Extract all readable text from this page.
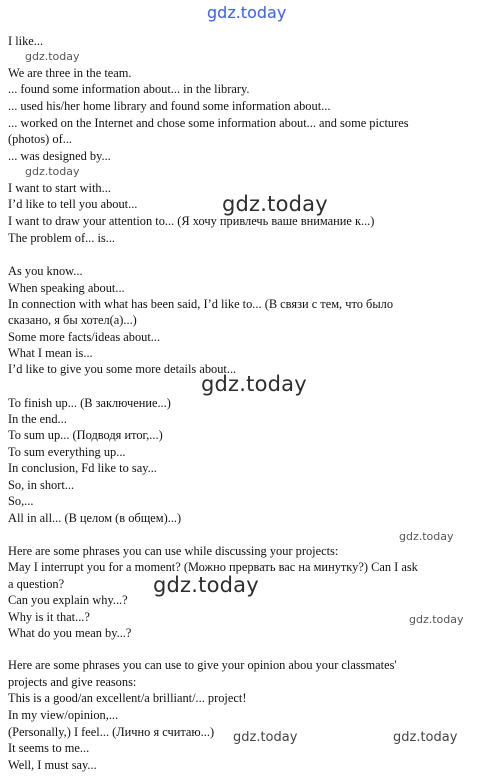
gdz.today
I like...
gdz.today
We are three in the team.
... found some information about... in the library.
... used his/her home library and found some information about...
... worked on the Internet and chose some information about... and some pictures
(photos) of...
... was designed by...
gdz.today
I want to start with...
I’d like to tell you about...	gdz.today
I want to draw your attention to... (Я хочу привлечь ваше внимание к...)
The problem of... is...
As you know...
When speaking about...
In connection with what has been said, I’d like to... (В связи с тем, что было
сказано, я бы хотел(а)...)
Some more facts/ideas about...
What I mean is...
I’d like to give you some more details about...
gdz.today
To finish up... (В заключение...)
In the end...
To sum up... (Подводя итог,...)
To sum everything up...
In conclusion, Fd like to say...
So, in short...
So,...
All in all... (В целом (в общем)...)
gdz.today
Here are some phrases you can use while discussing your projects:
May I interrupt you for a moment? (Можно прервать вас на минутку?) Can I ask
a question?	gdz.today
Can you explain why...?
Why is it that...?	gdz.today
What do you mean by...?
Here are some phrases you can use to give your opinion abou your classmates'
projects and give reasons:
This is a good/an excellent/a brilliant/... project!
In my view/opinion,...
(Personally,) I feel... (Лично я считаю...) gdz.today	gdz.today
It seems to me...
Well, I must say...
